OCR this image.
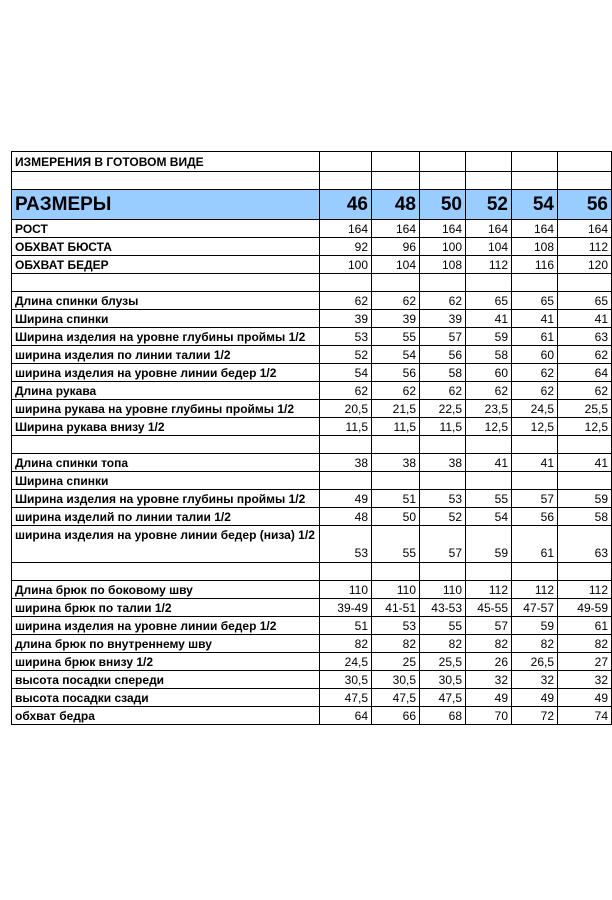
ИЗМЕРЕНИЯ В ГОТОВОМ ВИДЕ						

РАЗМЕРЫ	46	48	50	52	54	56
РОСТ	164	164	164	164	164	164
ОБХВАТ БЮСТА	92	96	100	104	108	112
ОБХВАТ БЕДЕР	100	104	108	112	116	120

Длина спинки блузы	62	62	62	65	65	65
Ширина спинки	39	39	39	41	41	41
Ширина изделия на уровне глубины проймы 1/2	53	55	57	59	61	63
ширина изделия по линии талии 1/2	52	54	56	58	60	62
ширина изделия на уровне линии бедер 1/2	54	56	58	60	62	64
Длина рукава	62	62	62	62	62	62
ширина рукава на уровне глубины проймы 1/2	20,5	21,5	22,5	23,5	24,5	25,5
Ширина рукава внизу 1/2	11,5	11,5	11,5	12,5	12,5	12,5

Длина спинки топа	38	38	38	41	41	41
Ширина спинки						
Ширина изделия на уровне глубины проймы 1/2	49	51	53	55	57	59
ширина изделий по линии талии 1/2	48	50	52	54	56	58
ширина изделия на уровне линии бедер (низа) 1/2	53	55	57	59	61	63

Длина брюк по боковому шву	110	110	110	112	112	112
ширина брюк по талии 1/2	39-49	41-51	43-53	45-55	47-57	49-59
ширина изделия на уровне линии бедер 1/2	51	53	55	57	59	61
длина брюк по внутреннему шву	82	82	82	82	82	82
ширина брюк внизу 1/2	24,5	25	25,5	26	26,5	27
высота посадки спереди	30,5	30,5	30,5	32	32	32
высота посадки сзади	47,5	47,5	47,5	49	49	49
обхват бедра	64	66	68	70	72	74
